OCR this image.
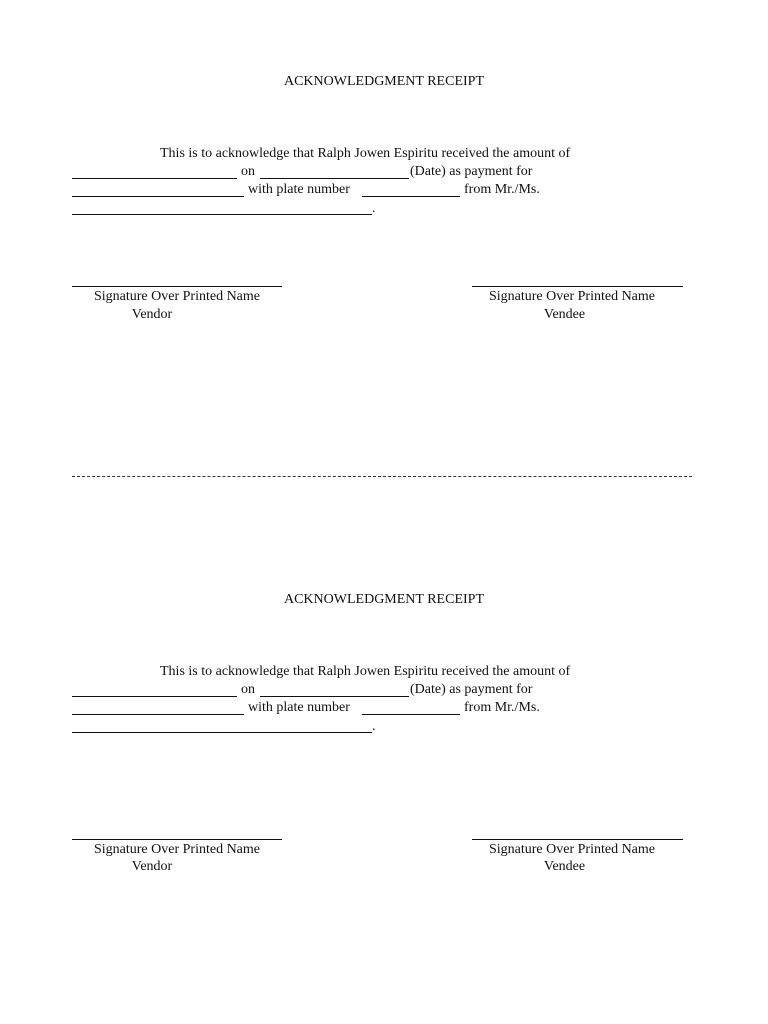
ACKNOWLEDGMENT RECEIPT
This is to acknowledge that Ralph Jowen Espiritu received the amount of
on	(Date) as payment for
with plate number	from Mr./Ms.
.
Signature Over Printed Name
Vendor
Signature Over Printed Name
Vendee
ACKNOWLEDGMENT RECEIPT
This is to acknowledge that Ralph Jowen Espiritu received the amount of
on	(Date) as payment for
with plate number	from Mr./Ms.
.
Signature Over Printed Name
Vendor
Signature Over Printed Name
Vendee
